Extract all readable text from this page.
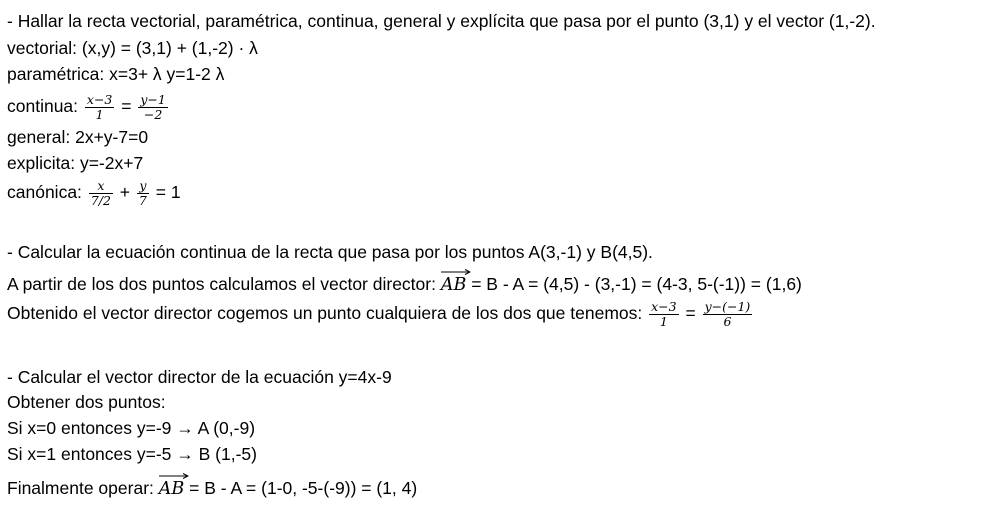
- Hallar la recta vectorial, paramétrica, continua, general y explícita que pasa por el punto (3,1) y el vector (1,-2).
vectorial: (x,y) = (3,1) + (1,-2) · λ
paramétrica: x=3+ λ y=1-2 λ
continua: $\frac{x-3}{1} = \frac{y-1}{-2}$
general: 2x+y-7=0
explicita: y=-2x+7
canónica: $\frac{x}{7/2} + \frac{y}{7} = 1$
- Calcular la ecuación continua de la recta que pasa por los puntos A(3,-1) y B(4,5).
A partir de los dos puntos calculamos el vector director: AB = B - A = (4,5) - (3,-1) = (4-3, 5-(-1)) = (1,6)
Obtenido el vector director cogemos un punto cualquiera de los dos que tenemos: $\frac{x-3}{1} = \frac{y-(-1)}{6}$
- Calcular el vector director de la ecuación y=4x-9
Obtener dos puntos:
Si x=0 entonces y=-9 → A (0,-9)
Si x=1 entonces y=-5 → B (1,-5)
Finalmente operar: AB = B - A = (1-0, -5-(-9)) = (1, 4)
